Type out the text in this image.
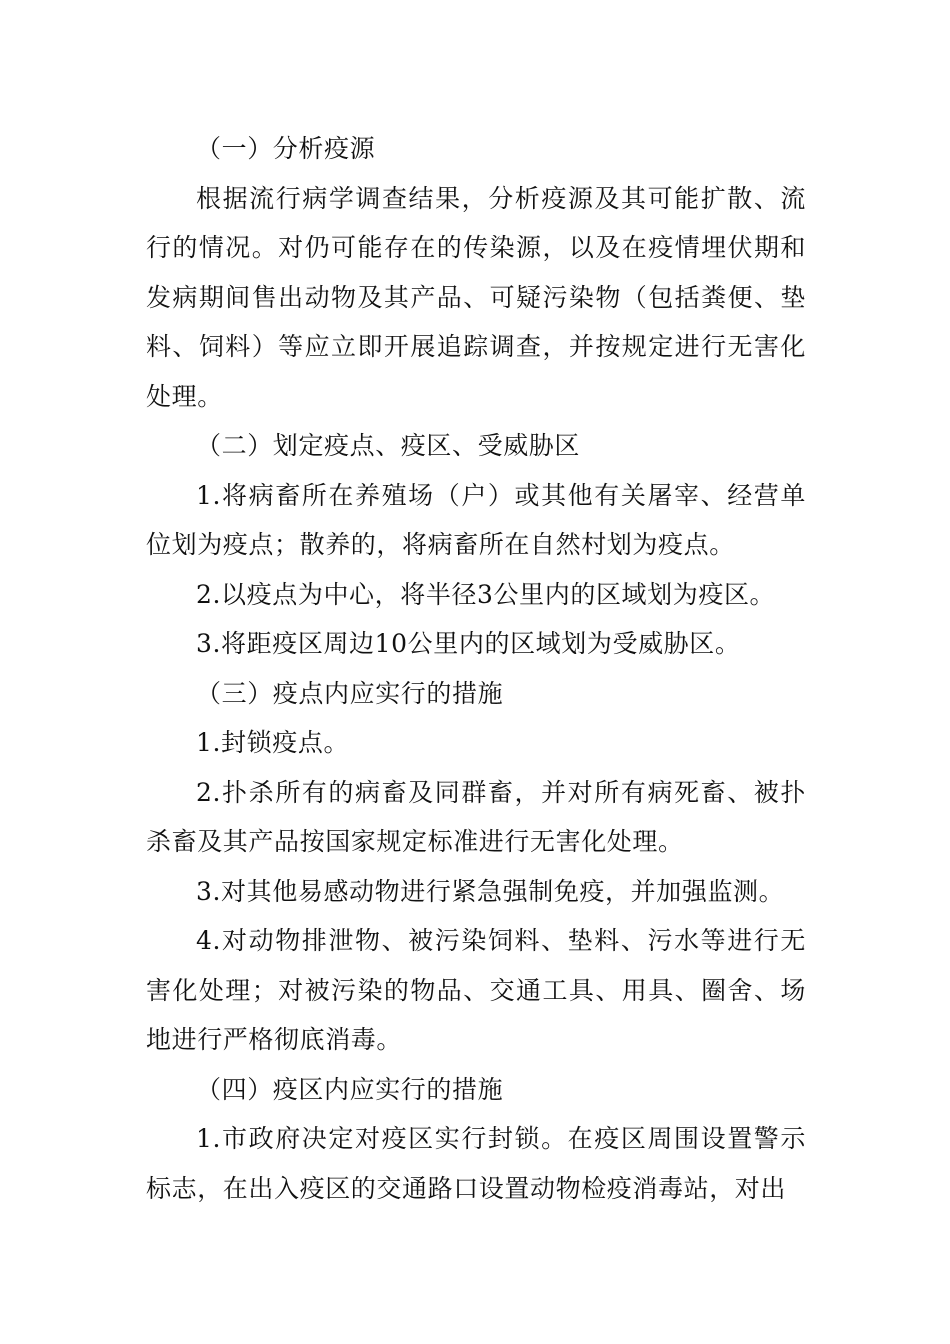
（一）分析疫源

根据流行病学调查结果，分析疫源及其可能扩散、流行的情况。对仍可能存在的传染源，以及在疫情埋伏期和发病期间售出动物及其产品、可疑污染物（包括粪便、垫料、饲料）等应立即开展追踪调查，并按规定进行无害化处理。

（二）划定疫点、疫区、受威胁区

1.将病畜所在养殖场（户）或其他有关屠宰、经营单位划为疫点；散养的，将病畜所在自然村划为疫点。

2.以疫点为中心，将半径3公里内的区域划为疫区。

3.将距疫区周边10公里内的区域划为受威胁区。

（三）疫点内应实行的措施

1.封锁疫点。

2.扑杀所有的病畜及同群畜，并对所有病死畜、被扑杀畜及其产品按国家规定标准进行无害化处理。

3.对其他易感动物进行紧急强制免疫，并加强监测。

4.对动物排泄物、被污染饲料、垫料、污水等进行无害化处理；对被污染的物品、交通工具、用具、圈舍、场地进行严格彻底消毒。

（四）疫区内应实行的措施

1.市政府决定对疫区实行封锁。在疫区周围设置警示标志，在出入疫区的交通路口设置动物检疫消毒站，对出
